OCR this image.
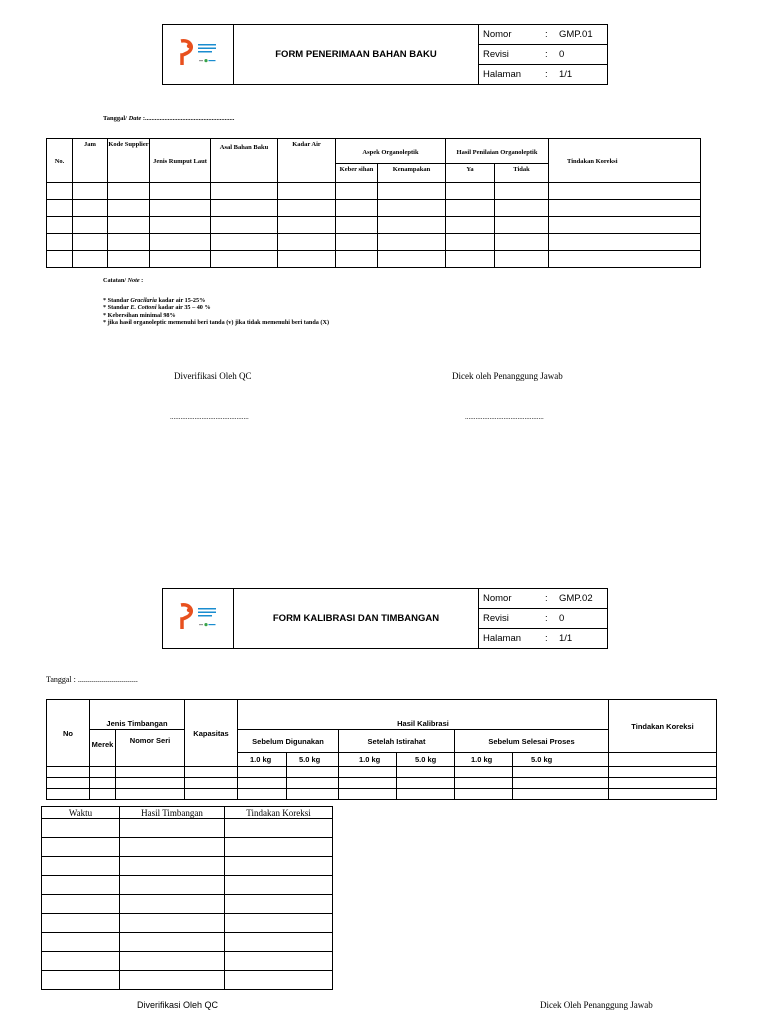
	FORM PENERIMAAN BAHAN BAKU	Nomor	: GMP.01
Revisi	: 0
Halaman	: 1/1
Tanggal/ Date :.......................................................
No.	Jam	Kode Supplier	Jenis Rumput Laut	Asal Bahan Baku	Kadar Air	Aspek Organoleptik		Hasil Penilaian Organoleptik		Tindakan Koreksi
						Keber sihan	Kenampakan	Ya	Tidak	

Catatan/ Note :
* Standar Gracilaria kadar air 15-25%
* Standar E. Cottoni kadar air 35 – 40 %
* Kebersihan minimal 98%
* jika hasil organoleptic memenuhi beri tanda (v) jika tidak memenuhi beri tanda (X)
Diverifikasi Oleh QC	Dicek oleh Penanggung Jawab
.............................................	.............................................
	FORM KALIBRASI DAN TIMBANGAN	Nomor	: GMP.02
Revisi	: 0
Halaman	: 1/1
Tanggal : ..............................
No	Jenis Timbangan		Kapasitas	Hasil Kalibrasi						Tindakan Koreksi
	Merek	Nomor Seri		Sebelum Digunakan		Setelah Istirahat		Sebelum Selesai Proses		
				1.0 kg	5.0 kg	1.0 kg	5.0 kg	1.0 kg	5.0 kg	

Waktu	Hasil Timbangan	Tindakan Koreksi

Diverifikasi Oleh QC	Dicek Oleh Penanggung Jawab
